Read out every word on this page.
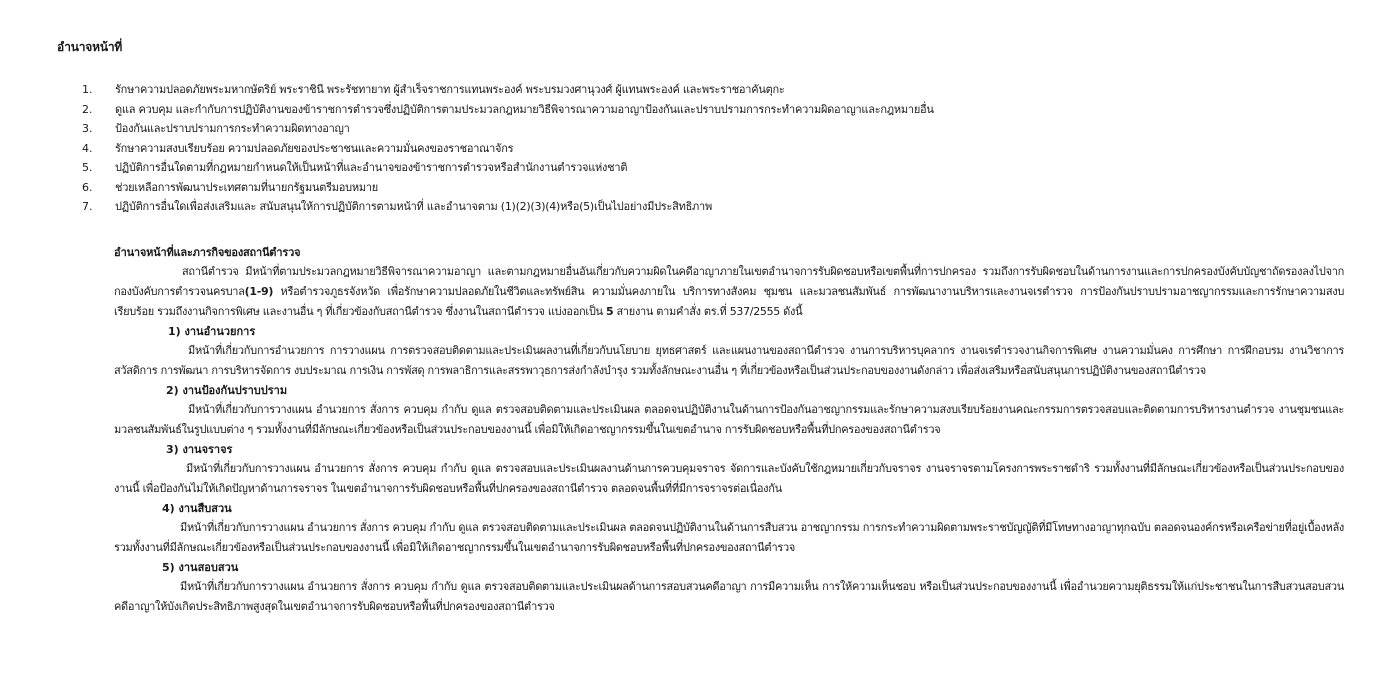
อำนาจหน้าที่
1.	รักษาความปลอดภัยพระมหากษัตริย์ พระราชินี พระรัชทายาท ผู้สำเร็จราชการแทนพระองค์ พระบรมวงศานุวงศ์ ผู้แทนพระองค์ และพระราชอาคันตุกะ
2.	ดูแล ควบคุม และกำกับการปฏิบัติงานของข้าราชการตำรวจซึ่งปฏิบัติการตามประมวลกฎหมายวิธีพิจารณาความอาญาป้องกันและปราบปรามการกระทำความผิดอาญาและกฎหมายอื่น
3.	ป้องกันและปราบปรามการกระทำความผิดทางอาญา
4.	รักษาความสงบเรียบร้อย ความปลอดภัยของประชาชนและความมั่นคงของราชอาณาจักร
5.	ปฏิบัติการอื่นใดตามที่กฎหมายกำหนดให้เป็นหน้าที่และอำนาจของข้าราชการตำรวจหรือสำนักงานตำรวจแห่งชาติ
6.	ช่วยเหลือการพัฒนาประเทศตามที่นายกรัฐมนตรีมอบหมาย
7.	ปฏิบัติการอื่นใดเพื่อส่งเสริมและ สนับสนุนให้การปฏิบัติการตามหน้าที่ และอำนาจตาม (1)(2)(3)(4)หรือ(5)เป็นไปอย่างมีประสิทธิภาพ
อำนาจหน้าที่และภารกิจของสถานีตำรวจ

สถานีตำรวจ มีหน้าที่ตามประมวลกฎหมายวิธีพิจารณาความอาญา และตามกฎหมายอื่นอันเกี่ยวกับความผิดในคดีอาญาภายในเขตอำนาจการรับผิดชอบหรือเขตพื้นที่การปกครอง รวมถึงการรับผิดชอบในด้านการงานและการปกครองบังคับบัญชาถัดรองลงไปจากกองบังคับการตำรวจนครบาล(1-9) หรือตำรวจภูธรจังหวัด เพื่อรักษาความปลอดภัยในชีวิตและทรัพย์สิน ความมั่นคงภายใน บริการทางสังคม ชุมชน และมวลชนสัมพันธ์ การพัฒนางานบริหารและงานจเรตำรวจ การป้องกันปราบปรามอาชญากรรมและการรักษาความสงบเรียบร้อย รวมถึงงานกิจการพิเศษ และงานอื่น ๆ ที่เกี่ยวข้องกับสถานีตำรวจ ซึ่งงานในสถานีตำรวจ แบ่งออกเป็น 5 สายงาน ตามคำสั่ง ตร.ที่ 537/2555 ดังนี้

1) งานอำนวยการ

มีหน้าที่เกี่ยวกับการอำนวยการ การวางแผน การตรวจสอบติดตามและประเมินผลงานที่เกี่ยวกับนโยบาย ยุทธศาสตร์ และแผนงานของสถานีตำรวจ งานการบริหารบุคลากร งานจเรตำรวจงานกิจการพิเศษ งานความมั่นคง การศึกษา การฝึกอบรม งานวิชาการ สวัสดิการ การพัฒนา การบริหารจัดการ งบประมาณ การเงิน การพัสดุ การพลาธิการและสรรพาวุธการส่งกำลังบำรุง รวมทั้งลักษณะงานอื่น ๆ ที่เกี่ยวข้องหรือเป็นส่วนประกอบของงานดังกล่าว เพื่อส่งเสริมหรือสนับสนุนการปฏิบัติงานของสถานีตำรวจ

2) งานป้องกันปราบปราม

มีหน้าที่เกี่ยวกับการวางแผน อำนวยการ สั่งการ ควบคุม กำกับ ดูแล ตรวจสอบติดตามและประเมินผล ตลอดจนปฏิบัติงานในด้านการป้องกันอาชญากรรมและรักษาความสงบเรียบร้อยงานคณะกรรมการตรวจสอบและติดตามการบริหารงานตำรวจ งานชุมชนและมวลชนสัมพันธ์ในรูปแบบต่าง ๆ รวมทั้งงานที่มีลักษณะเกี่ยวข้องหรือเป็นส่วนประกอบของงานนี้ เพื่อมิให้เกิดอาชญากรรมขึ้นในเขตอำนาจ การรับผิดชอบหรือพื้นที่ปกครองของสถานีตำรวจ

3) งานจราจร

มีหน้าที่เกี่ยวกับการวางแผน อำนวยการ สั่งการ ควบคุม กำกับ ดูแล ตรวจสอบและประเมินผลงานด้านการควบคุมจราจร จัดการและบังคับใช้กฎหมายเกี่ยวกับจราจร งานจราจรตามโครงการพระราชดำริ รวมทั้งงานที่มีลักษณะเกี่ยวข้องหรือเป็นส่วนประกอบของงานนี้ เพื่อป้องกันไม่ให้เกิดปัญหาด้านการจราจร ในเขตอำนาจการรับผิดชอบหรือพื้นที่ปกครองของสถานีตำรวจ ตลอดจนพื้นที่ที่มีการจราจรต่อเนื่องกัน

4) งานสืบสวน

มีหน้าที่เกี่ยวกับการวางแผน อำนวยการ สั่งการ ควบคุม กำกับ ดูแล ตรวจสอบติดตามและประเมินผล ตลอดจนปฏิบัติงานในด้านการสืบสวน อาชญากรรม การกระทำความผิดตามพระราชบัญญัติที่มีโทษทางอาญาทุกฉบับ ตลอดจนองค์กรหรือเครือข่ายที่อยู่เบื้องหลัง รวมทั้งงานที่มีลักษณะเกี่ยวข้องหรือเป็นส่วนประกอบของงานนี้ เพื่อมิให้เกิดอาชญากรรมขึ้นในเขตอำนาจการรับผิดชอบหรือพื้นที่ปกครองของสถานีตำรวจ

5) งานสอบสวน

มีหน้าที่เกี่ยวกับการวางแผน อำนวยการ สั่งการ ควบคุม กำกับ ดูแล ตรวจสอบติดตามและประเมินผลด้านการสอบสวนคดีอาญา การมีความเห็น การให้ความเห็นชอบ หรือเป็นส่วนประกอบของงานนี้ เพื่ออำนวยความยุติธรรมให้แก่ประชาชนในการสืบสวนสอบสวนคดีอาญาให้บังเกิดประสิทธิภาพสูงสุดในเขตอำนาจการรับผิดชอบหรือพื้นที่ปกครองของสถานีตำรวจ
